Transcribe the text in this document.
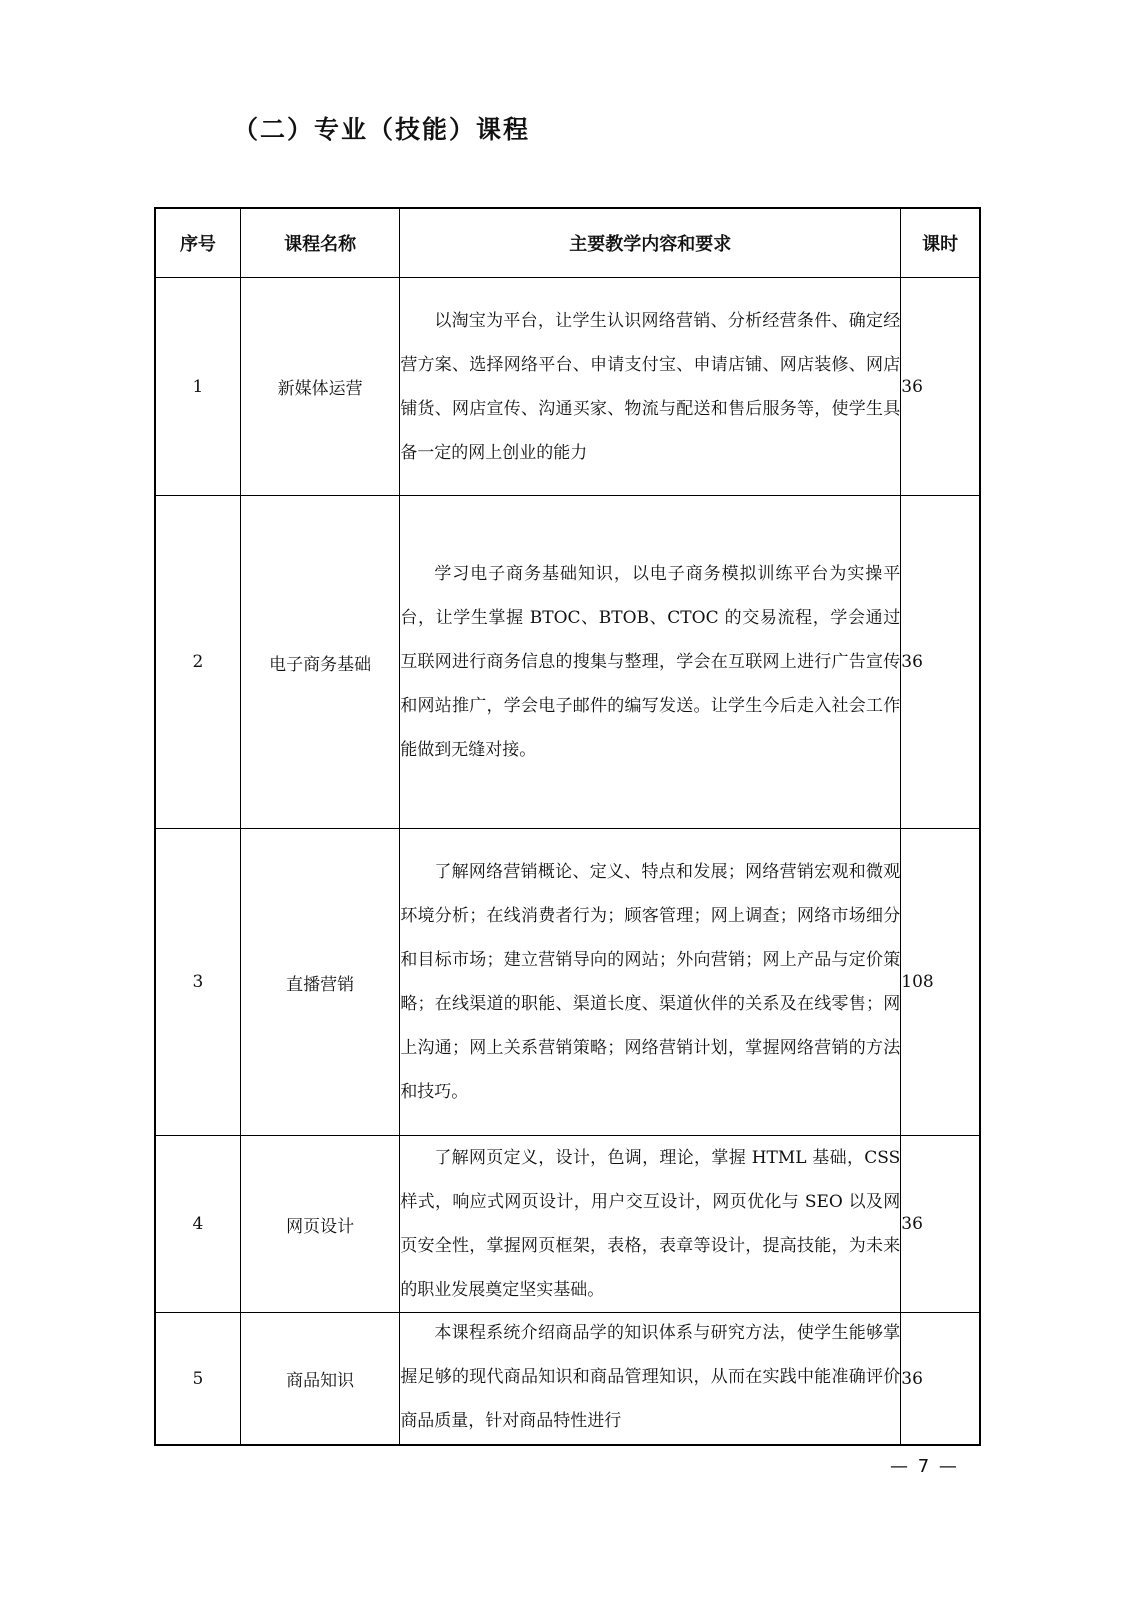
（二）专业（技能）课程
序号	课程名称	主要教学内容和要求	课时
1	新媒体运营	以淘宝为平台，让学生认识网络营销、分析经营条件、确定经营方案、选择网络平台、申请支付宝、申请店铺、网店装修、网店铺货、网店宣传、沟通买家、物流与配送和售后服务等，使学生具备一定的网上创业的能力	36
2	电子商务基础	学习电子商务基础知识，以电子商务模拟训练平台为实操平台，让学生掌握 BTOC、BTOB、CTOC 的交易流程，学会通过互联网进行商务信息的搜集与整理，学会在互联网上进行广告宣传和网站推广，学会电子邮件的编写发送。让学生今后走入社会工作能做到无缝对接。	36
3	直播营销	了解网络营销概论、定义、特点和发展；网络营销宏观和微观环境分析；在线消费者行为；顾客管理；网上调查；网络市场细分和目标市场；建立营销导向的网站；外向营销；网上产品与定价策略；在线渠道的职能、渠道长度、渠道伙伴的关系及在线零售；网上沟通；网上关系营销策略；网络营销计划，掌握网络营销的方法和技巧。	108
4	网页设计	了解网页定义，设计，色调，理论，掌握 HTML 基础，CSS 样式，响应式网页设计，用户交互设计，网页优化与 SEO 以及网页安全性，掌握网页框架，表格，表章等设计，提高技能，为未来的职业发展奠定坚实基础。	36
5	商品知识	本课程系统介绍商品学的知识体系与研究方法，使学生能够掌握足够的现代商品知识和商品管理知识，从而在实践中能准确评价商品质量，针对商品特性进行	36
— 7 —
